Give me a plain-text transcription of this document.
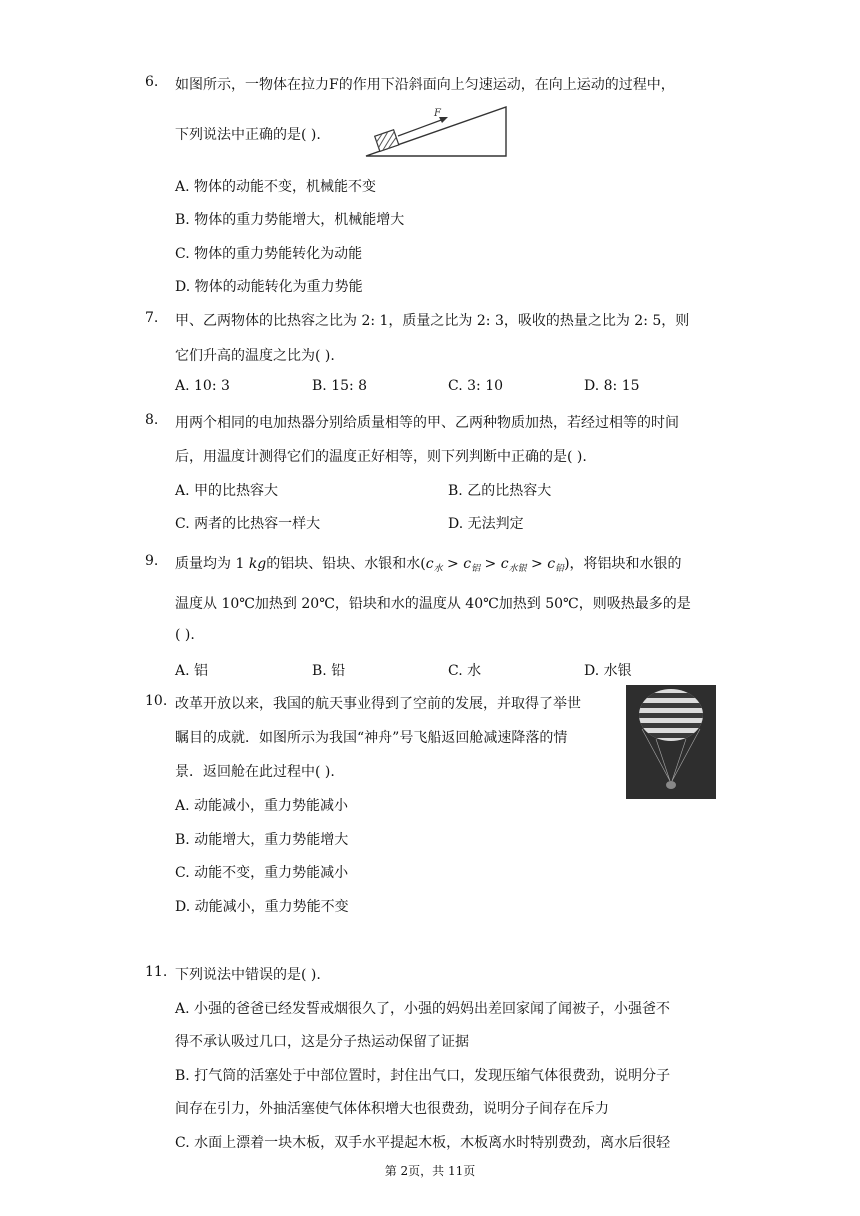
6. 如图所示，一物体在拉力F的作用下沿斜面向上匀速运动，在向上运动的过程中，
下列说法中正确的是( ).
F
A. 物体的动能不变，机械能不变
B. 物体的重力势能增大，机械能增大
C. 物体的重力势能转化为动能
D. 物体的动能转化为重力势能
7. 甲、乙两物体的比热容之比为 2: 1，质量之比为 2: 3，吸收的热量之比为 2: 5，则
它们升高的温度之比为( ).
A. 10: 3	B. 15: 8	C. 3: 10	D. 8: 15
8. 用两个相同的电加热器分别给质量相等的甲、乙两种物质加热，若经过相等的时间
后，用温度计测得它们的温度正好相等，则下列判断中正确的是( ).
A. 甲的比热容大	B. 乙的比热容大
C. 两者的比热容一样大	D. 无法判定
9. 质量均为 1 kg的铝块、铅块、水银和水$(c_水 > c_铝 > c_{水银} > c_铅)$，将铝块和水银的
温度从 10℃加热到 20℃，铅块和水的温度从 40℃加热到 50℃，则吸热最多的是
( ).
A. 铝	B. 铅	C. 水	D. 水银
10. 改革开放以来，我国的航天事业得到了空前的发展，并取得了举世
瞩目的成就．如图所示为我国“神舟”号飞船返回舱减速降落的情
景．返回舱在此过程中( ).
A. 动能减小，重力势能减小
B. 动能增大，重力势能增大
C. 动能不变，重力势能减小
D. 动能减小，重力势能不变
11. 下列说法中错误的是( ).
A. 小强的爸爸已经发誓戒烟很久了，小强的妈妈出差回家闻了闻被子，小强爸不
得不承认吸过几口，这是分子热运动保留了证据
B. 打气筒的活塞处于中部位置时，封住出气口，发现压缩气体很费劲，说明分子
间存在引力，外抽活塞使气体体积增大也很费劲，说明分子间存在斥力
C. 水面上漂着一块木板，双手水平提起木板，木板离水时特别费劲，离水后很轻
第 2页，共 11页
